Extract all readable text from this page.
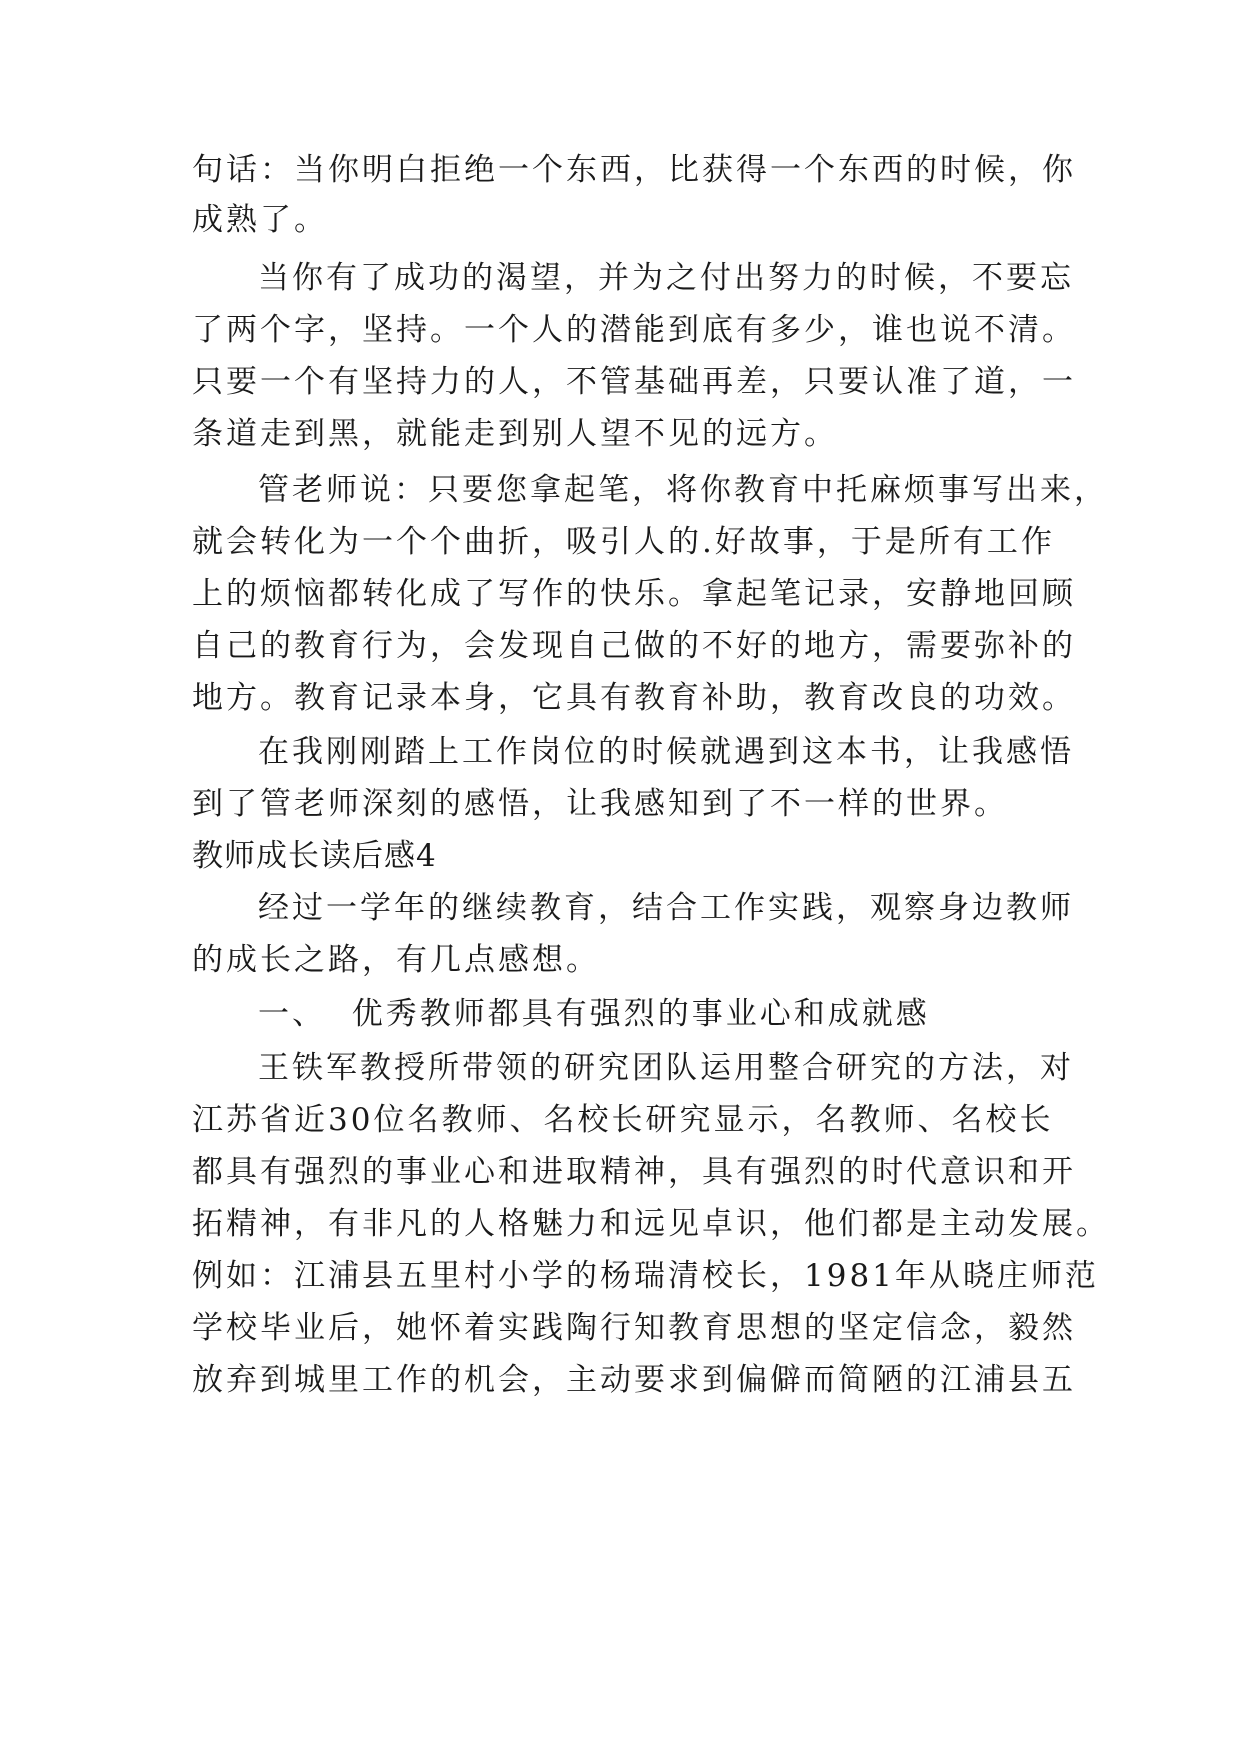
句话：当你明白拒绝一个东西，比获得一个东西的时候，你
成熟了。
当你有了成功的渴望，并为之付出努力的时候，不要忘
了两个字，坚持。一个人的潜能到底有多少，谁也说不清。
只要一个有坚持力的人，不管基础再差，只要认准了道，一
条道走到黑，就能走到别人望不见的远方。
管老师说：只要您拿起笔，将你教育中托麻烦事写出来，
就会转化为一个个曲折，吸引人的.好故事，于是所有工作
上的烦恼都转化成了写作的快乐。拿起笔记录，安静地回顾
自己的教育行为，会发现自己做的不好的地方，需要弥补的
地方。教育记录本身，它具有教育补助，教育改良的功效。
在我刚刚踏上工作岗位的时候就遇到这本书，让我感悟
到了管老师深刻的感悟，让我感知到了不一样的世界。
教师成长读后感4
经过一学年的继续教育，结合工作实践，观察身边教师
的成长之路，有几点感想。
一、  优秀教师都具有强烈的事业心和成就感
王铁军教授所带领的研究团队运用整合研究的方法，对
江苏省近30位名教师、名校长研究显示，名教师、名校长
都具有强烈的事业心和进取精神，具有强烈的时代意识和开
拓精神，有非凡的人格魅力和远见卓识，他们都是主动发展。
例如：江浦县五里村小学的杨瑞清校长，1981年从晓庄师范
学校毕业后，她怀着实践陶行知教育思想的坚定信念，毅然
放弃到城里工作的机会，主动要求到偏僻而简陋的江浦县五
